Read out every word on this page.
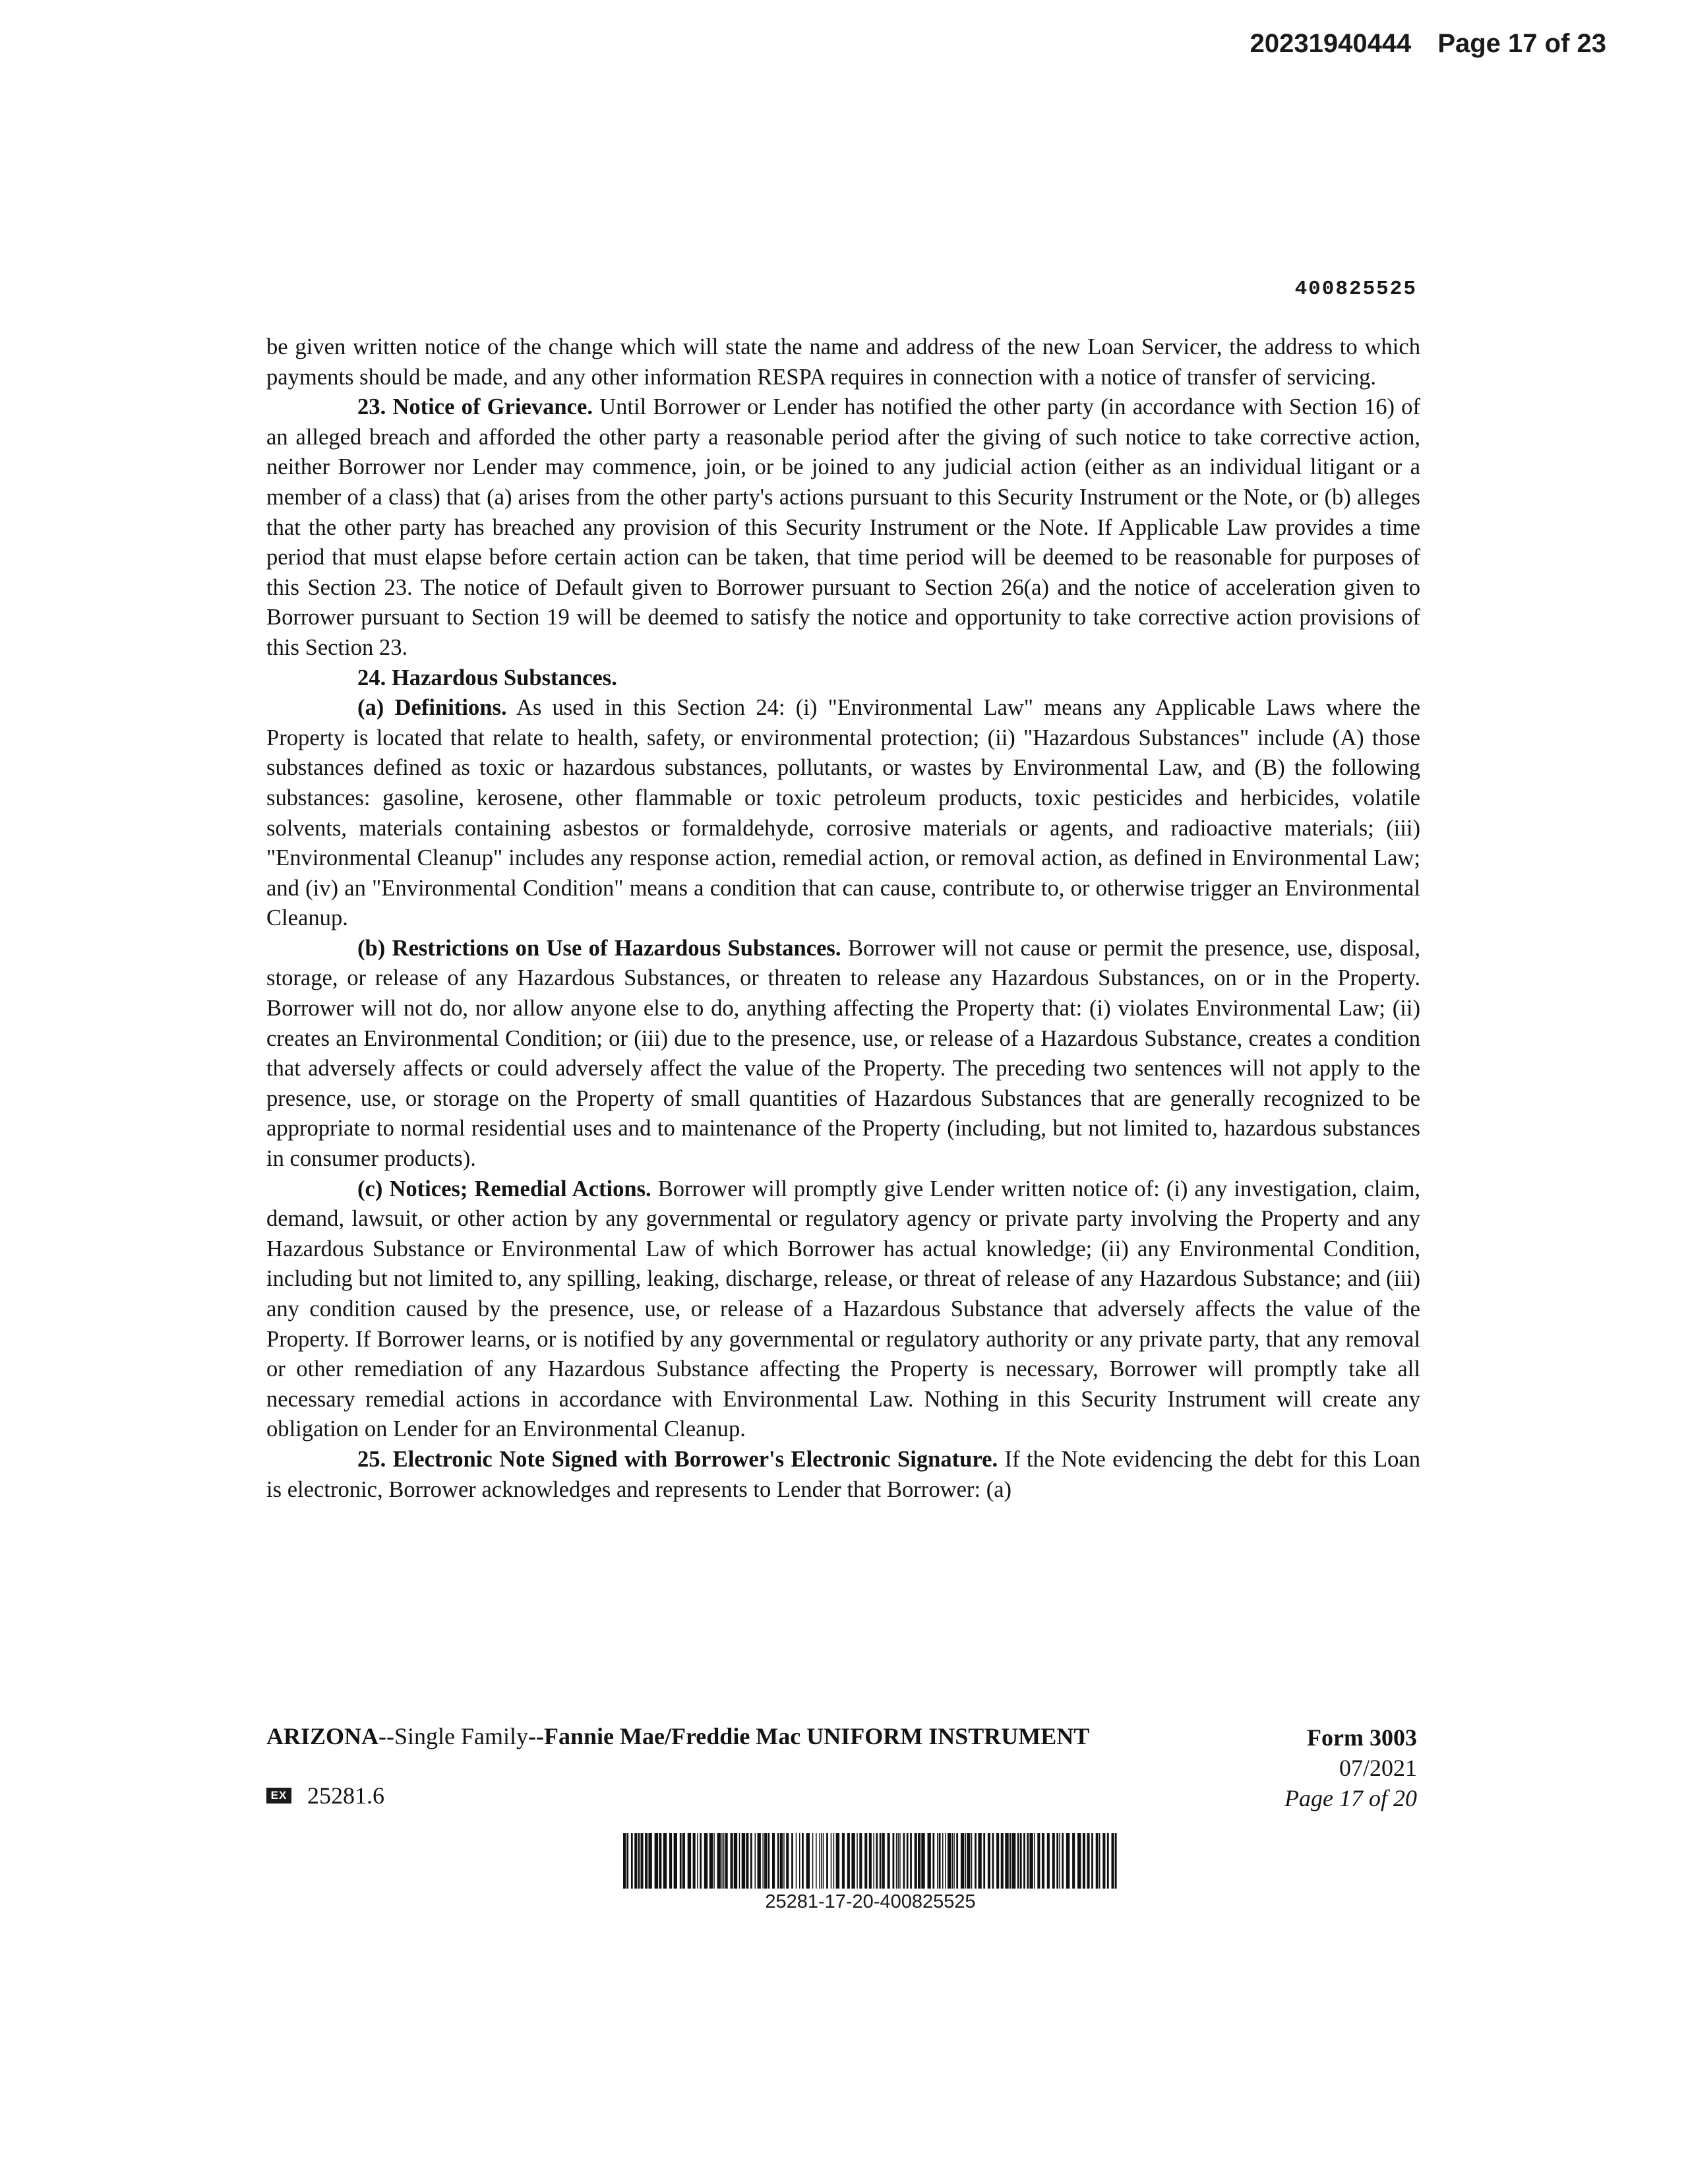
20231940444 Page 17 of 23
400825525

be given written notice of the change which will state the name and address of the new Loan Servicer, the address to which payments should be made, and any other information RESPA requires in connection with a notice of transfer of servicing.

23. Notice of Grievance. Until Borrower or Lender has notified the other party (in accordance with Section 16) of an alleged breach and afforded the other party a reasonable period after the giving of such notice to take corrective action, neither Borrower nor Lender may commence, join, or be joined to any judicial action (either as an individual litigant or a member of a class) that (a) arises from the other party's actions pursuant to this Security Instrument or the Note, or (b) alleges that the other party has breached any provision of this Security Instrument or the Note. If Applicable Law provides a time period that must elapse before certain action can be taken, that time period will be deemed to be reasonable for purposes of this Section 23. The notice of Default given to Borrower pursuant to Section 26(a) and the notice of acceleration given to Borrower pursuant to Section 19 will be deemed to satisfy the notice and opportunity to take corrective action provisions of this Section 23.

24. Hazardous Substances.

(a) Definitions. As used in this Section 24: (i) "Environmental Law" means any Applicable Laws where the Property is located that relate to health, safety, or environmental protection; (ii) "Hazardous Substances" include (A) those substances defined as toxic or hazardous substances, pollutants, or wastes by Environmental Law, and (B) the following substances: gasoline, kerosene, other flammable or toxic petroleum products, toxic pesticides and herbicides, volatile solvents, materials containing asbestos or formaldehyde, corrosive materials or agents, and radioactive materials; (iii) "Environmental Cleanup" includes any response action, remedial action, or removal action, as defined in Environmental Law; and (iv) an "Environmental Condition" means a condition that can cause, contribute to, or otherwise trigger an Environmental Cleanup.

(b) Restrictions on Use of Hazardous Substances. Borrower will not cause or permit the presence, use, disposal, storage, or release of any Hazardous Substances, or threaten to release any Hazardous Substances, on or in the Property. Borrower will not do, nor allow anyone else to do, anything affecting the Property that: (i) violates Environmental Law; (ii) creates an Environmental Condition; or (iii) due to the presence, use, or release of a Hazardous Substance, creates a condition that adversely affects or could adversely affect the value of the Property. The preceding two sentences will not apply to the presence, use, or storage on the Property of small quantities of Hazardous Substances that are generally recognized to be appropriate to normal residential uses and to maintenance of the Property (including, but not limited to, hazardous substances in consumer products).

(c) Notices; Remedial Actions. Borrower will promptly give Lender written notice of: (i) any investigation, claim, demand, lawsuit, or other action by any governmental or regulatory agency or private party involving the Property and any Hazardous Substance or Environmental Law of which Borrower has actual knowledge; (ii) any Environmental Condition, including but not limited to, any spilling, leaking, discharge, release, or threat of release of any Hazardous Substance; and (iii) any condition caused by the presence, use, or release of a Hazardous Substance that adversely affects the value of the Property. If Borrower learns, or is notified by any governmental or regulatory authority or any private party, that any removal or other remediation of any Hazardous Substance affecting the Property is necessary, Borrower will promptly take all necessary remedial actions in accordance with Environmental Law. Nothing in this Security Instrument will create any obligation on Lender for an Environmental Cleanup.

25. Electronic Note Signed with Borrower's Electronic Signature. If the Note evidencing the debt for this Loan is electronic, Borrower acknowledges and represents to Lender that Borrower: (a)

ARIZONA--Single Family--Fannie Mae/Freddie Mac UNIFORM INSTRUMENT	Form 3003
07/2021
Page 17 of 20
EX 25281.6
25281-17-20-400825525
